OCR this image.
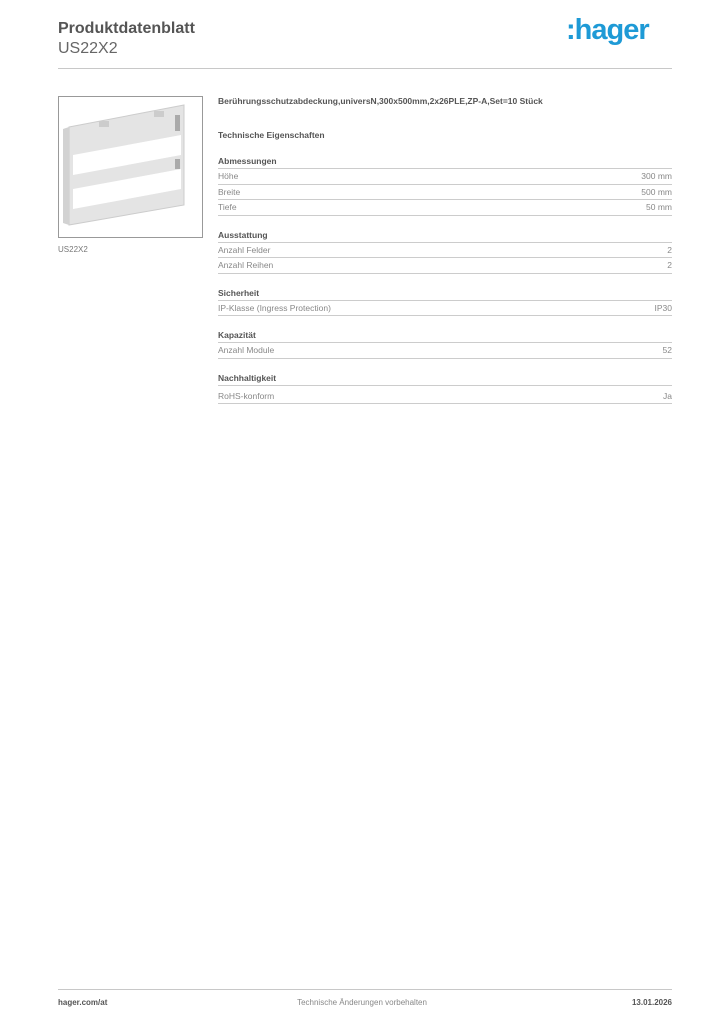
Produktdatenblatt
US22X2
:hager
US22X2
Berührungsschutzabdeckung,universN,300x500mm,2x26PLE,ZP-A,Set=10 Stück
Technische Eigenschaften
Abmessungen
Höhe	300 mm
Breite	500 mm
Tiefe	50 mm
Ausstattung
Anzahl Felder	2
Anzahl Reihen	2
Sicherheit
IP-Klasse (Ingress Protection)	IP30
Kapazität
Anzahl Module	52
Nachhaltigkeit
RoHS-konform	Ja
hager.com/at	Technische Änderungen vorbehalten	13.01.2026
